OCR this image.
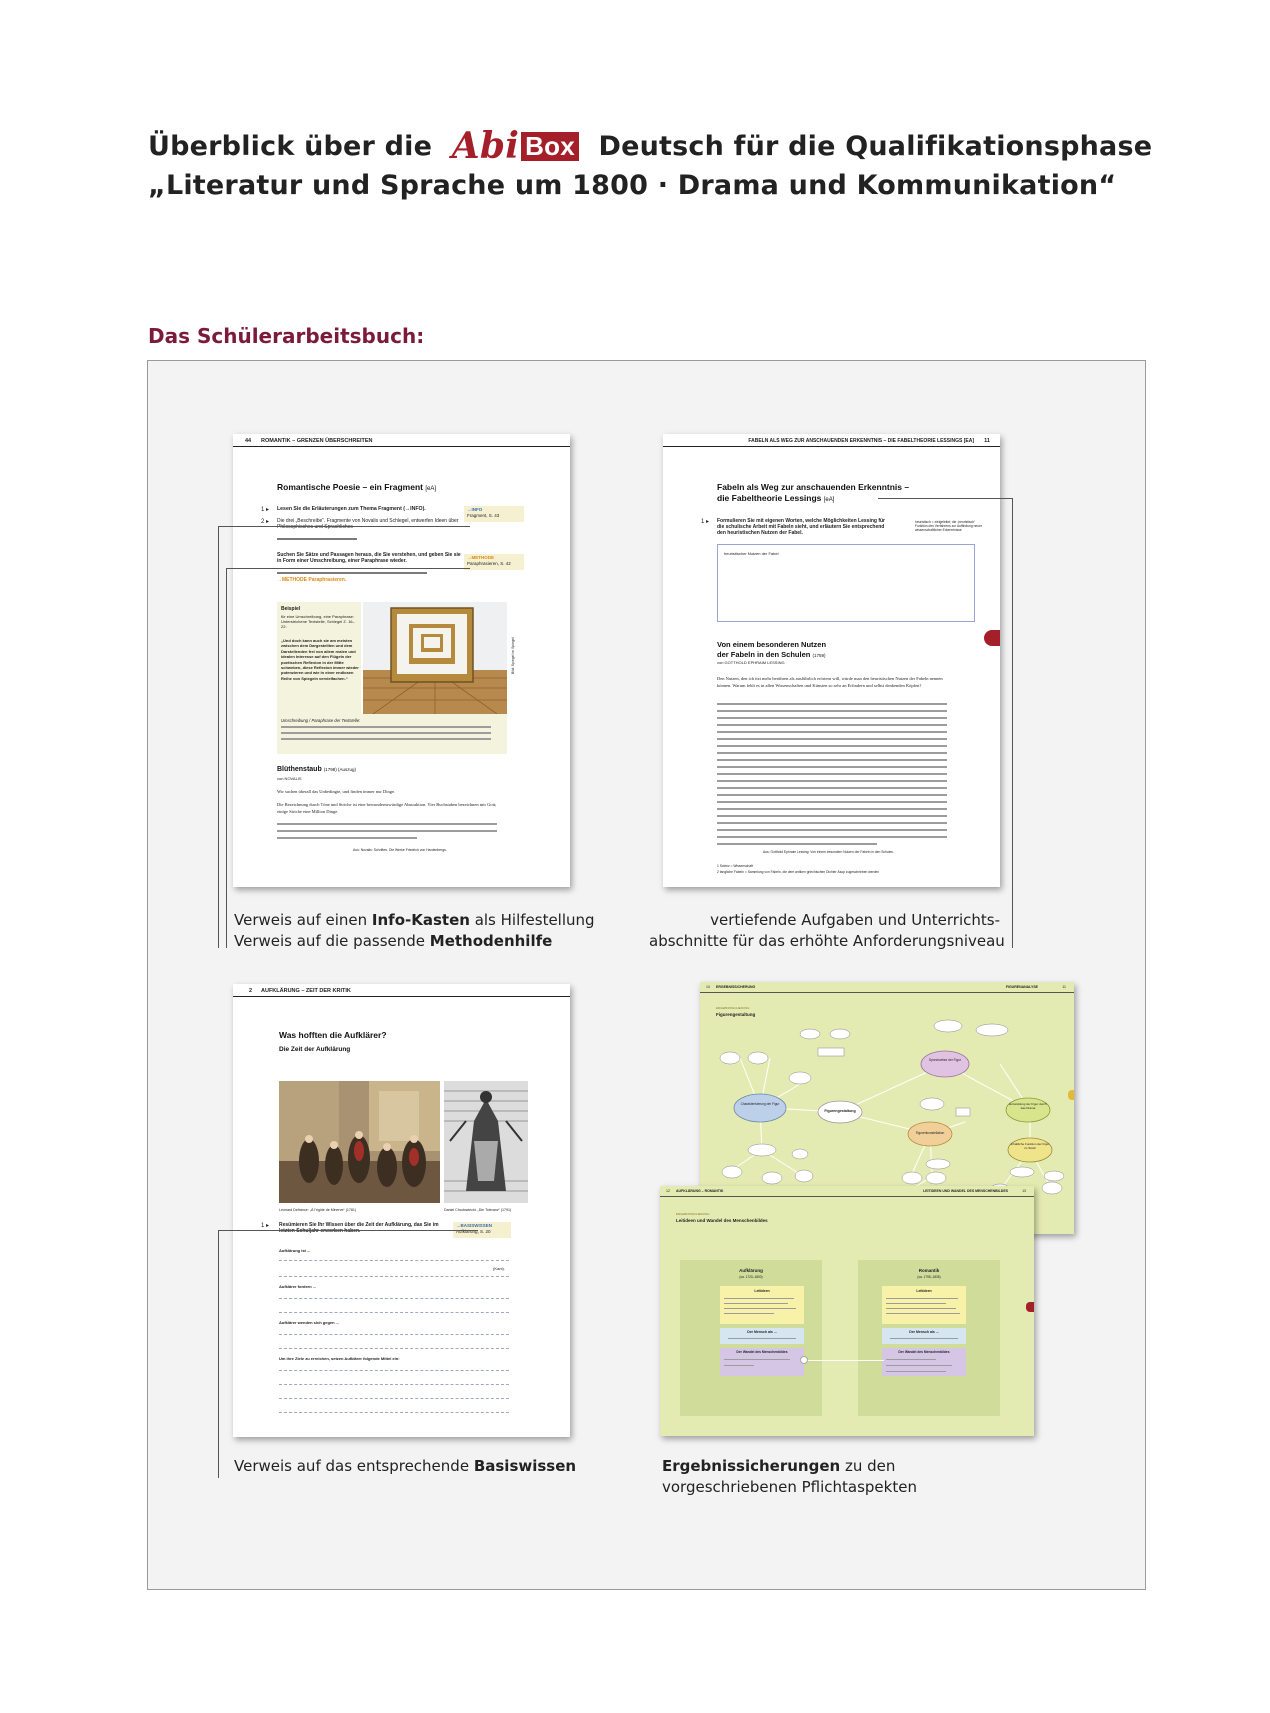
Überblick über die Abi Box Deutsch für die Qualifikationsphase
„Literatur und Sprache um 1800 · Drama und Kommunikation“
Das Schülerarbeitsbuch:
44 ROMANTIK – GRENZEN ÜBERSCHREITEN
Romantische Poesie – ein Fragment [eA]
1 ▸ Lesen Sie die Erläuterungen zum Thema Fragment (→INFO).
2 ▸ Die drei „Beschreibe“. Fragmente von Novalis und Schlegel, entwerfen Ideen über Philosophisches und Sprachliches
Suchen Sie Sätze und Passagen heraus, die Sie verstehen, und geben Sie sie in Form einer Umschreibung, einer Paraphrase wieder.
→METHODE Paraphrasieren.
→INFO
Fragment, S. 43
→METHODE
Paraphrasieren, S. 42
Beispiel
für eine Umschreibung, eine Paraphrase: Unterstrichene Textstelle, Schlegel Z. 16–22:
„Und doch kann auch sie am meisten zwischen dem Dargestellten und dem Darstellenden frei von allem realen und idealen Interesse auf den Flügeln der poetischen Reflexion in der Mitte schweben, diese Reflexion immer wieder potenzieren und wie in einer endlosen Reihe von Spiegeln vervielfachen.“
Umschreibung / Paraphrase der Textstelle:
Bild: Spiegel im Spiegel
Blüthenstaub (1798) (Auszug)
von NOVALIS
Wir suchen überall das Unbedingte, und finden immer nur Dinge.
Die Bezeichnung durch Töne und Striche ist eine bewundernswürdige Abstraktion. Vier Buchstaben bezeichnen mir Gott; einige Striche eine Million Dinge.
Aus: Novalis: Schriften. Die Werke Friedrich von Hardenbergs.
Verweis auf einen Info-Kasten als Hilfestellung
Verweis auf die passende Methodenhilfe
FABELN ALS WEG ZUR ANSCHAUENDEN ERKENNTNIS – DIE FABELTHEORIE LESSINGS [EA] 11
Fabeln als Weg zur anschauenden Erkenntnis –
die Fabeltheorie Lessings [eA]
1 ▸ Formulieren Sie mit eigenen Worten, welche Möglichkeiten Lessing für die schulische Arbeit mit Fabeln sieht, und erläutern Sie entsprechend den heuristischen Nutzen der Fabel.
heuristisch = zielgeleitet; die „heuristisch“ Funktion des Verfahrens zur Auffindung neuer wissenschaftlicher Erkenntnisse
heuristischer Nutzen der Fabel
Von einem besonderen Nutzen
der Fabeln in den Schulen (1759)
von GOTTHOLD EPHRAIM LESSING
Den Nutzen, den ich itzt mehr berühren als ausführlich erörtern will, würde man den heuristischen Nutzen der Fabeln nennen können. Warum fehlt es in allen Wissenschaften und Künsten so sehr an Erfindern und selbst denkenden Köpfen?
Aus: Gotthold Ephraim Lessing: Von einem besondern Nutzen der Fabeln in den Schulen.
1 Scienz = Wissenschaft
2 fangliche Fabeln = Sammlung von Fabeln, die dem antiken griechischen Dichter Äsop zugeschrieben werden
vertiefende Aufgaben und Unterrichts-
abschnitte für das erhöhte Anforderungsniveau
2 AUFKLÄRUNG – ZEIT DER KRITIK
Was hofften die Aufklärer?
Die Zeit der Aufklärung
Léonard Defrance: „À l’égide de Minerve“ (1781)	Daniel Chodowiecki: „Die Toleranz“ (1791)
1 ▸ Resümieren Sie Ihr Wissen über die Zeit der Aufklärung, das Sie im letzten Schuljahr erworben haben.
→BASISWISSEN
Aufklärung, S. 20
Aufklärung ist ...
(Kant).
Aufklärer fordern ...
Aufklärer wenden sich gegen ...
Um ihre Ziele zu erreichen, setzen Aufklärer folgende Mittel ein:
Verweis auf das entsprechende Basiswissen
10 ERGEBNISSICHERUNG	FIGURENANALYSE	11
ERGEBNISSICHERUNG
Figurengestaltung
Charakterisierung der Figur
Figurengestaltung
Sprechweise der Figur
Figurenkonstellation
Entwicklung der Figur durch das Drama
Inhaltliche Funktion der Figur im Stück
12 AUFKLÄRUNG – ROMANTIK	LEITIDEEN UND WANDEL DES MENSCHENBILDES	13
ERGEBNISSICHERUNG
Leitideen und Wandel des Menschenbildes
Aufklärung
(ca. 1720–1800)
Leitideen
Der Mensch als ...
Der Wandel des Menschenbildes
Romantik
(ca. 1795–1835)
Leitideen
Der Mensch als ...
Der Wandel des Menschenbildes
Ergebnissicherungen zu den
vorgeschriebenen Pflichtaspekten
